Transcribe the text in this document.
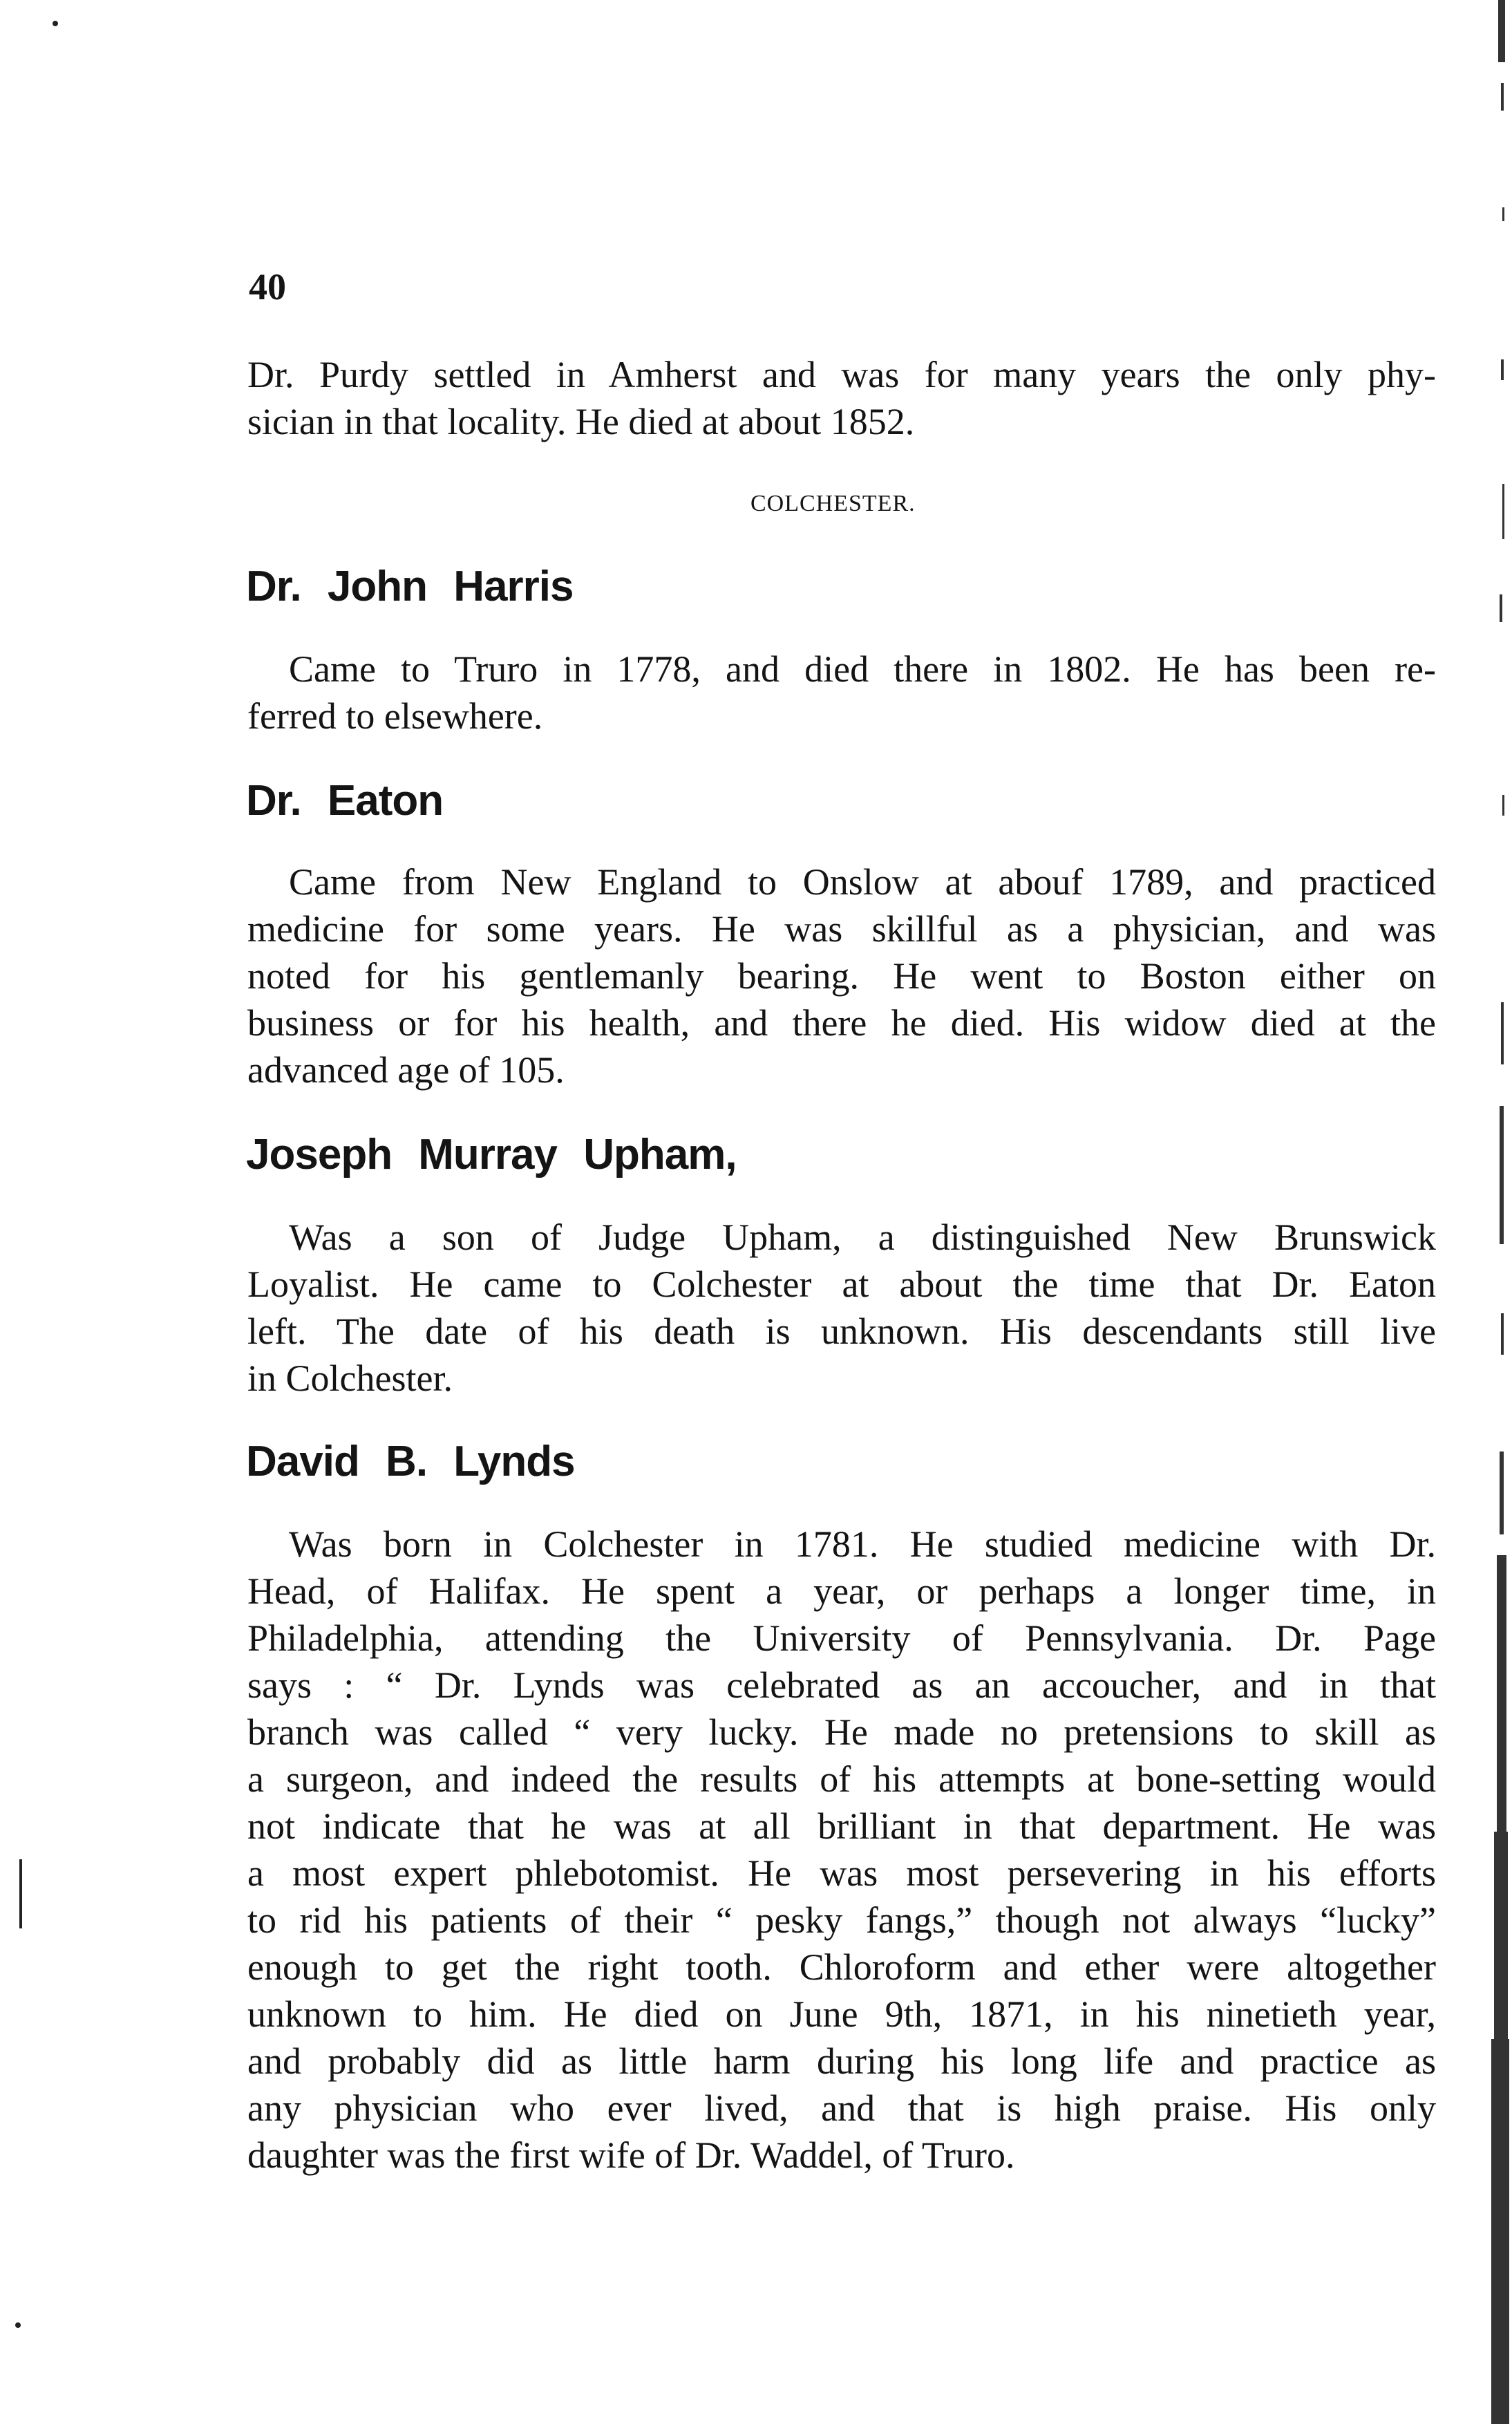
40

Dr. Purdy settled in Amherst and was for many years the only phy-
sician in that locality. He died at about 1852.

COLCHESTER.
Dr. John Harris

Came to Truro in 1778, and died there in 1802. He has been re-
ferred to elsewhere.

Dr. Eaton

Came from New England to Onslow at abouf 1789, and practiced
medicine for some years. He was skillful as a physician, and was
noted for his gentlemanly bearing. He went to Boston either on
business or for his health, and there he died. His widow died at the
advanced age of 105.

Joseph Murray Upham,

Was a son of Judge Upham, a distinguished New Brunswick
Loyalist. He came to Colchester at about the time that Dr. Eaton
left. The date of his death is unknown. His descendants still live
in Colchester.

David B. Lynds

Was born in Colchester in 1781. He studied medicine with Dr.
Head, of Halifax. He spent a year, or perhaps a longer time, in
Philadelphia, attending the University of Pennsylvania. Dr. Page
says : “ Dr. Lynds was celebrated as an accoucher, and in that
branch was called “ very lucky. He made no pretensions to skill as
a surgeon, and indeed the results of his attempts at bone-setting would
not indicate that he was at all brilliant in that department. He was
a most expert phlebotomist. He was most persevering in his efforts
to rid his patients of their “ pesky fangs,” though not always “lucky”
enough to get the right tooth. Chloroform and ether were altogether
unknown to him. He died on June 9th, 1871, in his ninetieth year,
and probably did as little harm during his long life and practice as
any physician who ever lived, and that is high praise. His only
daughter was the first wife of Dr. Waddel, of Truro.
